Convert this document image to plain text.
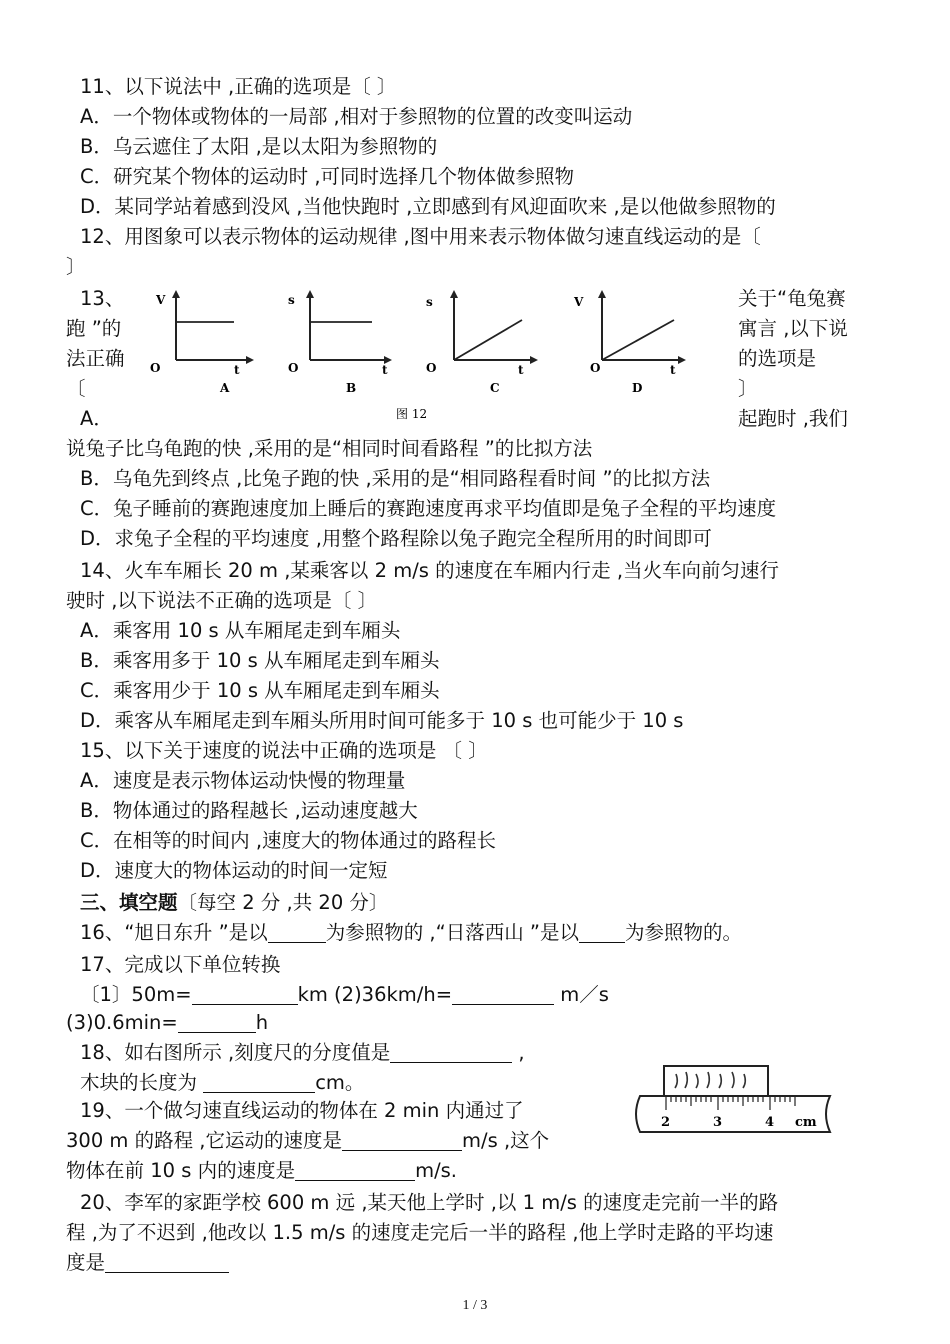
11、以下说法中 ,正确的选项是〔 〕
A．一个物体或物体的一局部 ,相对于参照物的位置的改变叫运动
B．乌云遮住了太阳 ,是以太阳为参照物的
C．研究某个物体的运动时 ,可同时选择几个物体做参照物
D．某同学站着感到没风 ,当他快跑时 ,立即感到有风迎面吹来 ,是以他做参照物的
12、用图象可以表示物体的运动规律 ,图中用来表示物体做匀速直线运动的是〔
〕
13、	关于“龟兔赛
跑 ”的	寓言 ,以下说
法正确	的选项是
〔	〕
A．	起跑时 ,我们
V
O	t
A
s
O	t
B
s
O	t
C
V
O	t
D
图 12
说兔子比乌龟跑的快 ,采用的是“相同时间看路程 ”的比拟方法
B．乌龟先到终点 ,比兔子跑的快 ,采用的是“相同路程看时间 ”的比拟方法
C．兔子睡前的赛跑速度加上睡后的赛跑速度再求平均值即是兔子全程的平均速度
D．求兔子全程的平均速度 ,用整个路程除以兔子跑完全程所用的时间即可
14、火车车厢长 20 m ,某乘客以 2 m/s 的速度在车厢内行走 ,当火车向前匀速行
驶时 ,以下说法不正确的选项是〔 〕
A．乘客用 10 s 从车厢尾走到车厢头
B．乘客用多于 10 s 从车厢尾走到车厢头
C．乘客用少于 10 s 从车厢尾走到车厢头
D．乘客从车厢尾走到车厢头所用时间可能多于 10 s 也可能少于 10 s
15、以下关于速度的说法中正确的选项是 〔 〕
A．速度是表示物体运动快慢的物理量
B．物体通过的路程越长 ,运动速度越大
C．在相等的时间内 ,速度大的物体通过的路程长
D．速度大的物体运动的时间一定短
三、填空题〔每空 2 分 ,共 20 分〕
16、“旭日东升 ”是以	为参照物的 ,“日落西山 ”是以 为参照物的。
17、完成以下单位转换
〔1〕50m=	km (2)36km/h=	m／s
(3)0.6min=	h
18、如右图所示 ,刻度尺的分度值是	,
木块的长度为	cm。
2	3	4 cm
19、一个做匀速直线运动的物体在 2 min 内通过了
300 m 的路程 ,它运动的速度是	m/s ,这个
物体在前 10 s 内的速度是	m/s.
20、李军的家距学校 600 m 远 ,某天他上学时 ,以 1 m/s 的速度走完前一半的路
程 ,为了不迟到 ,他改以 1.5 m/s 的速度走完后一半的路程 ,他上学时走路的平均速
度是
1 / 3
